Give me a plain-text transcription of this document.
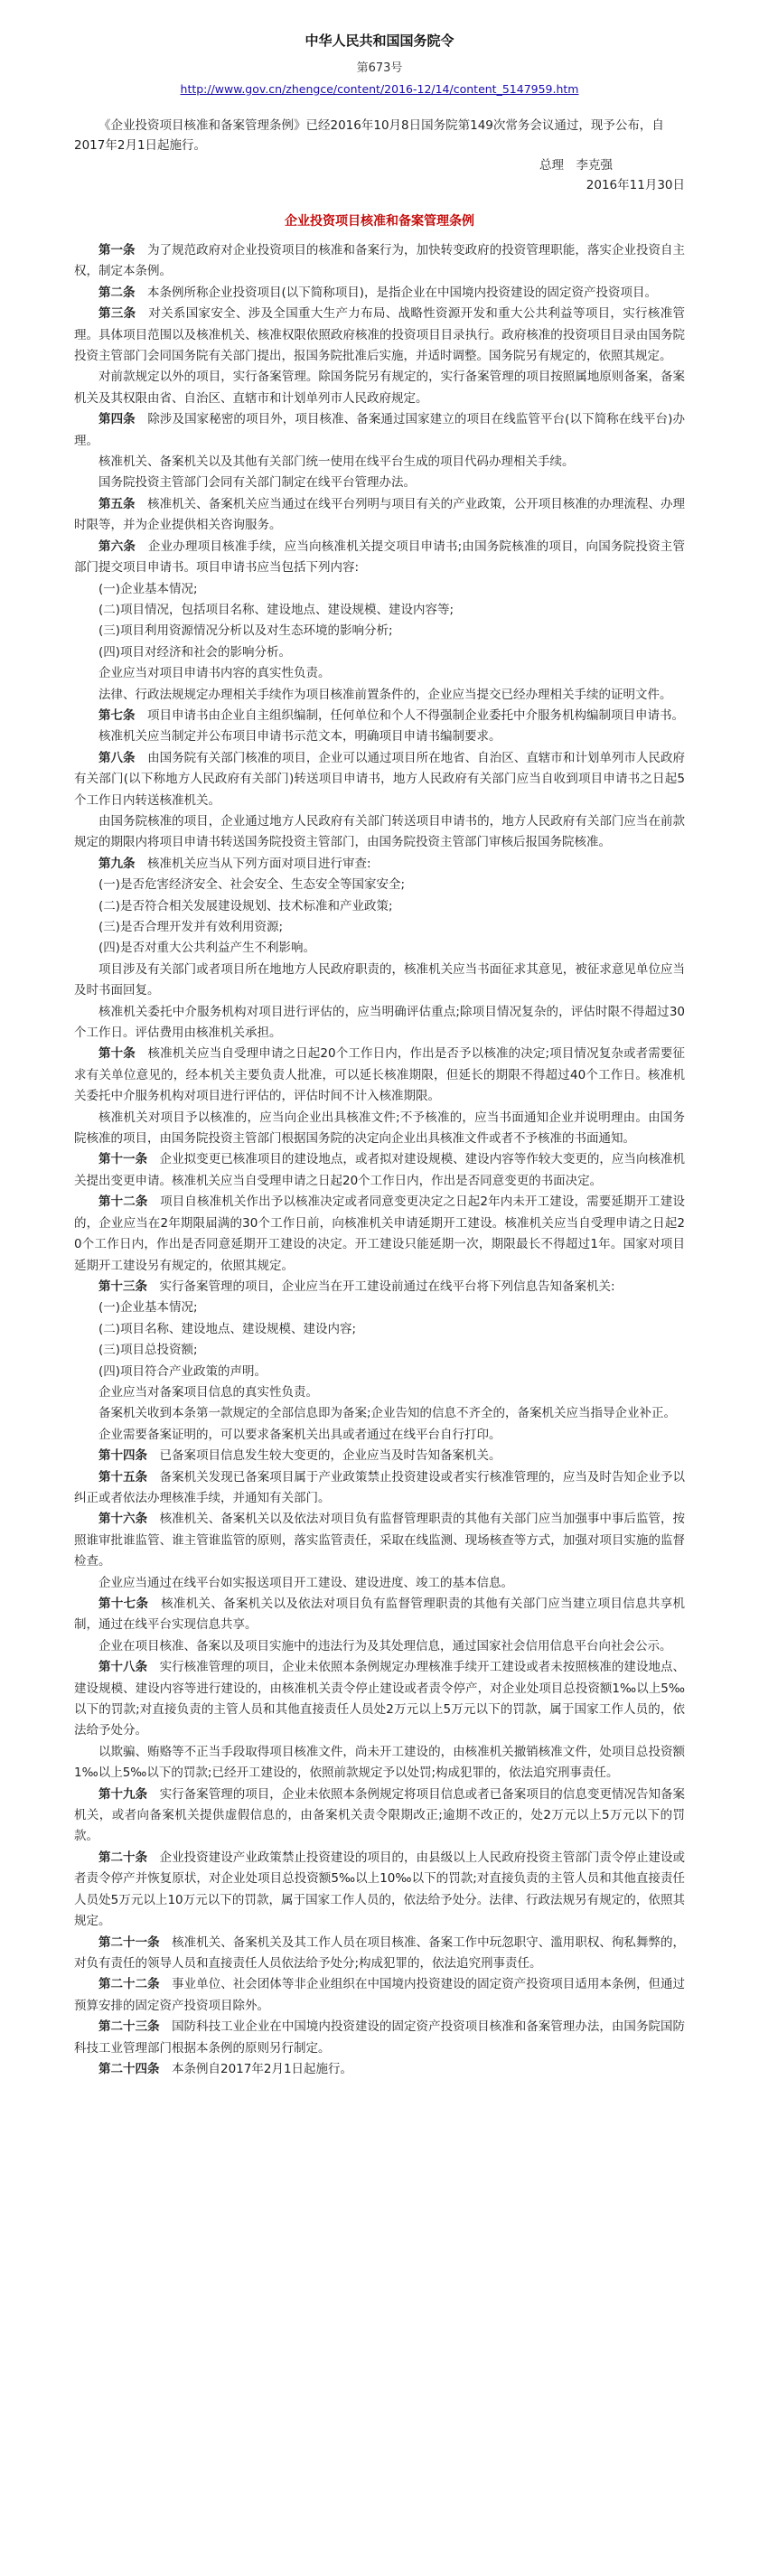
中华人民共和国国务院令
第673号
http://www.gov.cn/zhengce/content/2016-12/14/content_5147959.htm

《企业投资项目核准和备案管理条例》已经2016年10月8日国务院第149次常务会议通过，现予公布，自2017年2月1日起施行。

总理　李克强
2016年11月30日
企业投资项目核准和备案管理条例

第一条  为了规范政府对企业投资项目的核准和备案行为，加快转变政府的投资管理职能，落实企业投资自主权，制定本条例。

第二条  本条例所称企业投资项目(以下简称项目)，是指企业在中国境内投资建设的固定资产投资项目。

第三条  对关系国家安全、涉及全国重大生产力布局、战略性资源开发和重大公共利益等项目，实行核准管理。具体项目范围以及核准机关、核准权限依照政府核准的投资项目目录执行。政府核准的投资项目目录由国务院投资主管部门会同国务院有关部门提出，报国务院批准后实施，并适时调整。国务院另有规定的，依照其规定。

对前款规定以外的项目，实行备案管理。除国务院另有规定的，实行备案管理的项目按照属地原则备案，备案机关及其权限由省、自治区、直辖市和计划单列市人民政府规定。

第四条  除涉及国家秘密的项目外，项目核准、备案通过国家建立的项目在线监管平台(以下简称在线平台)办理。

核准机关、备案机关以及其他有关部门统一使用在线平台生成的项目代码办理相关手续。

国务院投资主管部门会同有关部门制定在线平台管理办法。

第五条  核准机关、备案机关应当通过在线平台列明与项目有关的产业政策，公开项目核准的办理流程、办理时限等，并为企业提供相关咨询服务。

第六条  企业办理项目核准手续，应当向核准机关提交项目申请书;由国务院核准的项目，向国务院投资主管部门提交项目申请书。项目申请书应当包括下列内容:

(一)企业基本情况;

(二)项目情况，包括项目名称、建设地点、建设规模、建设内容等;

(三)项目利用资源情况分析以及对生态环境的影响分析;

(四)项目对经济和社会的影响分析。

企业应当对项目申请书内容的真实性负责。

法律、行政法规规定办理相关手续作为项目核准前置条件的，企业应当提交已经办理相关手续的证明文件。

第七条  项目申请书由企业自主组织编制，任何单位和个人不得强制企业委托中介服务机构编制项目申请书。

核准机关应当制定并公布项目申请书示范文本，明确项目申请书编制要求。

第八条  由国务院有关部门核准的项目，企业可以通过项目所在地省、自治区、直辖市和计划单列市人民政府有关部门(以下称地方人民政府有关部门)转送项目申请书，地方人民政府有关部门应当自收到项目申请书之日起5个工作日内转送核准机关。

由国务院核准的项目，企业通过地方人民政府有关部门转送项目申请书的，地方人民政府有关部门应当在前款规定的期限内将项目申请书转送国务院投资主管部门，由国务院投资主管部门审核后报国务院核准。

第九条  核准机关应当从下列方面对项目进行审查:

(一)是否危害经济安全、社会安全、生态安全等国家安全;

(二)是否符合相关发展建设规划、技术标准和产业政策;

(三)是否合理开发并有效利用资源;

(四)是否对重大公共利益产生不利影响。

项目涉及有关部门或者项目所在地地方人民政府职责的，核准机关应当书面征求其意见，被征求意见单位应当及时书面回复。

核准机关委托中介服务机构对项目进行评估的，应当明确评估重点;除项目情况复杂的，评估时限不得超过30个工作日。评估费用由核准机关承担。

第十条  核准机关应当自受理申请之日起20个工作日内，作出是否予以核准的决定;项目情况复杂或者需要征求有关单位意见的，经本机关主要负责人批准，可以延长核准期限，但延长的期限不得超过40个工作日。核准机关委托中介服务机构对项目进行评估的，评估时间不计入核准期限。

核准机关对项目予以核准的，应当向企业出具核准文件;不予核准的，应当书面通知企业并说明理由。由国务院核准的项目，由国务院投资主管部门根据国务院的决定向企业出具核准文件或者不予核准的书面通知。

第十一条  企业拟变更已核准项目的建设地点，或者拟对建设规模、建设内容等作较大变更的，应当向核准机关提出变更申请。核准机关应当自受理申请之日起20个工作日内，作出是否同意变更的书面决定。

第十二条  项目自核准机关作出予以核准决定或者同意变更决定之日起2年内未开工建设，需要延期开工建设的，企业应当在2年期限届满的30个工作日前，向核准机关申请延期开工建设。核准机关应当自受理申请之日起20个工作日内，作出是否同意延期开工建设的决定。开工建设只能延期一次，期限最长不得超过1年。国家对项目延期开工建设另有规定的，依照其规定。

第十三条  实行备案管理的项目，企业应当在开工建设前通过在线平台将下列信息告知备案机关:

(一)企业基本情况;

(二)项目名称、建设地点、建设规模、建设内容;

(三)项目总投资额;

(四)项目符合产业政策的声明。

企业应当对备案项目信息的真实性负责。

备案机关收到本条第一款规定的全部信息即为备案;企业告知的信息不齐全的，备案机关应当指导企业补正。

企业需要备案证明的，可以要求备案机关出具或者通过在线平台自行打印。

第十四条  已备案项目信息发生较大变更的，企业应当及时告知备案机关。

第十五条  备案机关发现已备案项目属于产业政策禁止投资建设或者实行核准管理的，应当及时告知企业予以纠正或者依法办理核准手续，并通知有关部门。

第十六条  核准机关、备案机关以及依法对项目负有监督管理职责的其他有关部门应当加强事中事后监管，按照谁审批谁监管、谁主管谁监管的原则，落实监管责任，采取在线监测、现场核查等方式，加强对项目实施的监督检查。

企业应当通过在线平台如实报送项目开工建设、建设进度、竣工的基本信息。

第十七条  核准机关、备案机关以及依法对项目负有监督管理职责的其他有关部门应当建立项目信息共享机制，通过在线平台实现信息共享。

企业在项目核准、备案以及项目实施中的违法行为及其处理信息，通过国家社会信用信息平台向社会公示。

第十八条  实行核准管理的项目，企业未依照本条例规定办理核准手续开工建设或者未按照核准的建设地点、建设规模、建设内容等进行建设的，由核准机关责令停止建设或者责令停产，对企业处项目总投资额1‰以上5‰以下的罚款;对直接负责的主管人员和其他直接责任人员处2万元以上5万元以下的罚款，属于国家工作人员的，依法给予处分。

以欺骗、贿赂等不正当手段取得项目核准文件，尚未开工建设的，由核准机关撤销核准文件，处项目总投资额1‰以上5‰以下的罚款;已经开工建设的，依照前款规定予以处罚;构成犯罪的，依法追究刑事责任。

第十九条  实行备案管理的项目，企业未依照本条例规定将项目信息或者已备案项目的信息变更情况告知备案机关，或者向备案机关提供虚假信息的，由备案机关责令限期改正;逾期不改正的，处2万元以上5万元以下的罚款。

第二十条  企业投资建设产业政策禁止投资建设的项目的，由县级以上人民政府投资主管部门责令停止建设或者责令停产并恢复原状，对企业处项目总投资额5‰以上10‰以下的罚款;对直接负责的主管人员和其他直接责任人员处5万元以上10万元以下的罚款，属于国家工作人员的，依法给予处分。法律、行政法规另有规定的，依照其规定。

第二十一条  核准机关、备案机关及其工作人员在项目核准、备案工作中玩忽职守、滥用职权、徇私舞弊的，对负有责任的领导人员和直接责任人员依法给予处分;构成犯罪的，依法追究刑事责任。

第二十二条  事业单位、社会团体等非企业组织在中国境内投资建设的固定资产投资项目适用本条例，但通过预算安排的固定资产投资项目除外。

第二十三条  国防科技工业企业在中国境内投资建设的固定资产投资项目核准和备案管理办法，由国务院国防科技工业管理部门根据本条例的原则另行制定。

第二十四条  本条例自2017年2月1日起施行。
